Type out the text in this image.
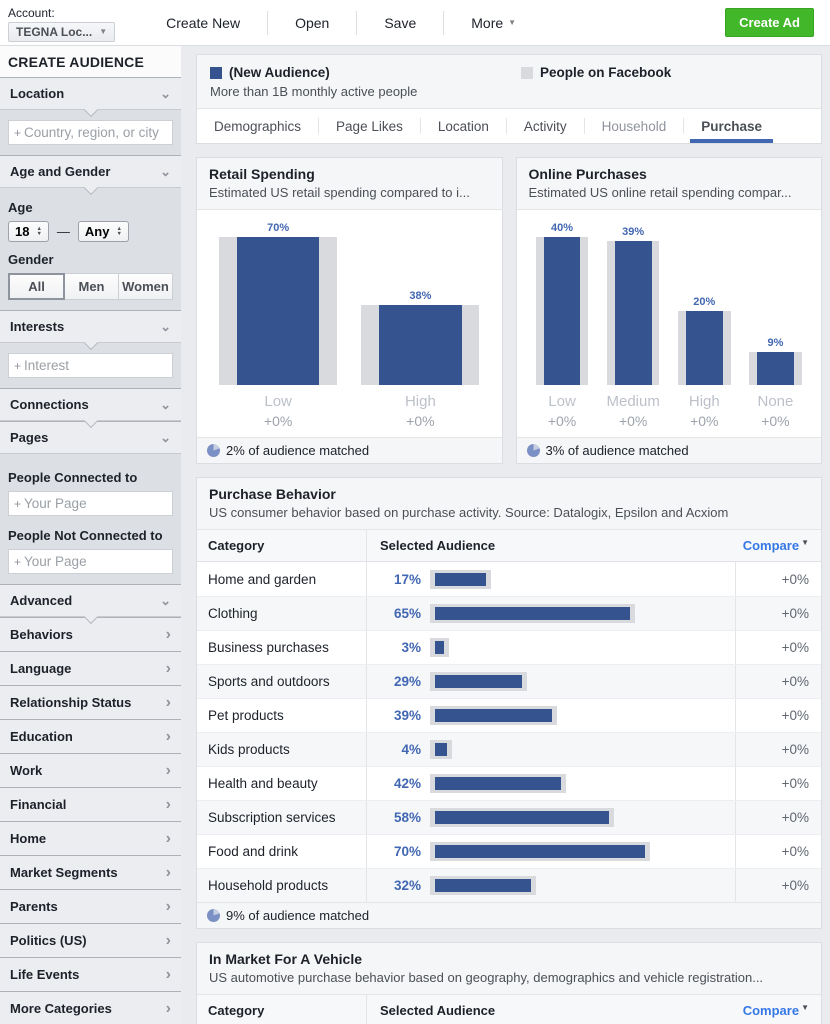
Account:
TEGNA Loc... ▼
Create New	Open	Save	More ▼	Create Ad
CREATE AUDIENCE
Location	⌄
+
Country, region, or city
Age and Gender	⌄
Age
18 ▲
▼ — Any ▲
▼
Gender
All	Men	Women
Interests	⌄
+
Interest
Connections	⌄
Pages	⌄
People Connected to
+
Your Page
People Not Connected to
+
Your Page
Advanced	⌄
Behaviors	›
Language	›
Relationship Status ›
Education	›
Work	›
Financial	›
Home	›
Market Segments	›
Parents	›
Politics (US)	›
Life Events	›
More Categories	›
(New Audience)
More than 1B monthly active people
People on Facebook
Demographics	Page Likes	Location	Activity	Household	Purchase
Retail Spending
Estimated US retail spending compared to i...
70%
Low
+0%
38%
High
+0%
2% of audience matched
Online Purchases
Estimated US online retail spending compar...
40%
Low
+0%
39%
Medium
+0%
20%
High
+0%
9%
None
+0%
3% of audience matched
Purchase Behavior
US consumer behavior based on purchase activity. Source: Datalogix, Epsilon and Acxiom
Category	Selected Audience	Compare ▼
Home and garden	17%	+0%
Clothing	65%	+0%
Business purchases	3%	+0%
Sports and outdoors	29%	+0%
Pet products	39%	+0%
Kids products	4%	+0%
Health and beauty	42%	+0%
Subscription services	58%	+0%
Food and drink	70%	+0%
Household products	32%	+0%
9% of audience matched
In Market For A Vehicle
US automotive purchase behavior based on geography, demographics and vehicle registration...
Category	Selected Audience	Compare ▼
